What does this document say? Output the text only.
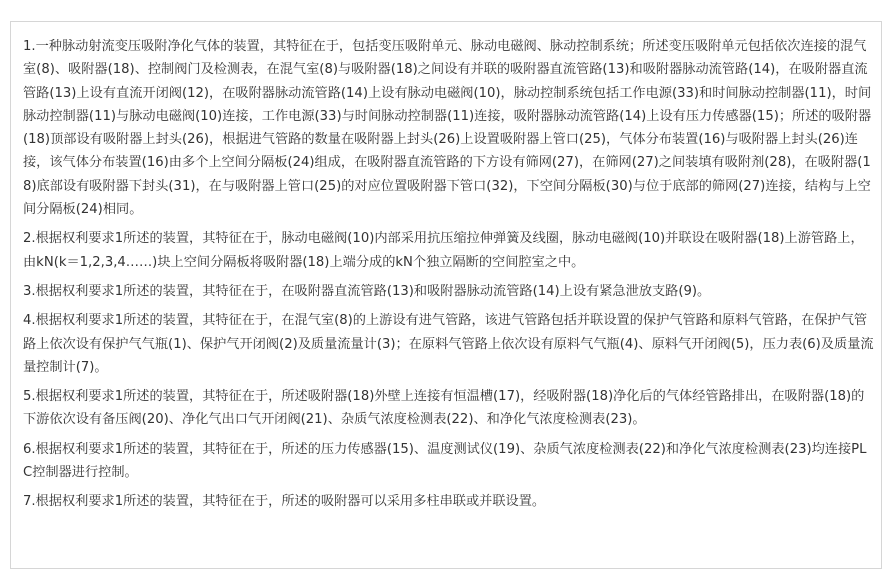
1.一种脉动射流变压吸附净化气体的装置，其特征在于，包括变压吸附单元、脉动电磁阀、脉动控制系统；所述变压吸附单元包括依次连接的混气室(8)、吸附器(18)、控制阀门及检测表，在混气室(8)与吸附器(18)之间设有并联的吸附器直流管路(13)和吸附器脉动流管路(14)，在吸附器直流管路(13)上设有直流开闭阀(12)，在吸附器脉动流管路(14)上设有脉动电磁阀(10)，脉动控制系统包括工作电源(33)和时间脉动控制器(11)，时间脉动控制器(11)与脉动电磁阀(10)连接，工作电源(33)与时间脉动控制器(11)连接，吸附器脉动流管路(14)上设有压力传感器(15)；所述的吸附器(18)顶部设有吸附器上封头(26)，根据进气管路的数量在吸附器上封头(26)上设置吸附器上管口(25)，气体分布装置(16)与吸附器上封头(26)连接，该气体分布装置(16)由多个上空间分隔板(24)组成，在吸附器直流管路的下方设有筛网(27)，在筛网(27)之间装填有吸附剂(28)，在吸附器(18)底部设有吸附器下封头(31)，在与吸附器上管口(25)的对应位置吸附器下管口(32)，下空间分隔板(30)与位于底部的筛网(27)连接，结构与上空间分隔板(24)相同。

2.根据权利要求1所述的装置，其特征在于，脉动电磁阀(10)内部采用抗压缩拉伸弹簧及线圈，脉动电磁阀(10)并联设在吸附器(18)上游管路上，由kN(k＝1,2,3,4……)块上空间分隔板将吸附器(18)上端分成的kN个独立隔断的空间腔室之中。

3.根据权利要求1所述的装置，其特征在于，在吸附器直流管路(13)和吸附器脉动流管路(14)上设有紧急泄放支路(9)。

4.根据权利要求1所述的装置，其特征在于，在混气室(8)的上游设有进气管路，该进气管路包括并联设置的保护气管路和原料气管路，在保护气管路上依次设有保护气气瓶(1)、保护气开闭阀(2)及质量流量计(3)；在原料气管路上依次设有原料气气瓶(4)、原料气开闭阀(5)，压力表(6)及质量流量控制计(7)。

5.根据权利要求1所述的装置，其特征在于，所述吸附器(18)外壁上连接有恒温槽(17)，经吸附器(18)净化后的气体经管路排出，在吸附器(18)的下游依次设有备压阀(20)、净化气出口气开闭阀(21)、杂质气浓度检测表(22)、和净化气浓度检测表(23)。

6.根据权利要求1所述的装置，其特征在于，所述的压力传感器(15)、温度测试仪(19)、杂质气浓度检测表(22)和净化气浓度检测表(23)均连接PLC控制器进行控制。

7.根据权利要求1所述的装置，其特征在于，所述的吸附器可以采用多柱串联或并联设置。
